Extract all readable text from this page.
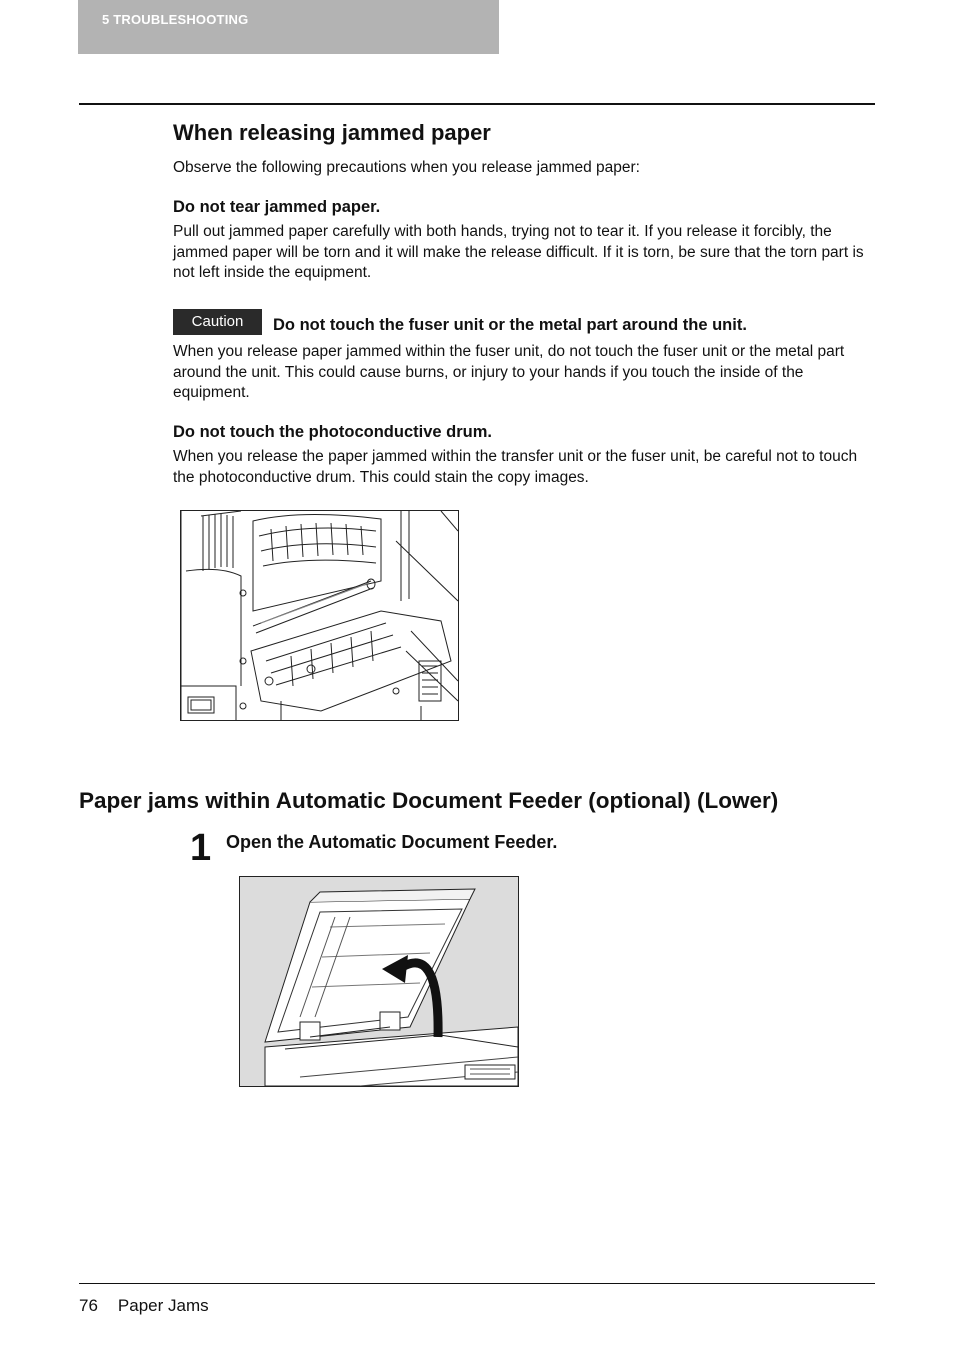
5 TROUBLESHOOTING
When releasing jammed paper

Observe the following precautions when you release jammed paper:

Do not tear jammed paper.

Pull out jammed paper carefully with both hands, trying not to tear it. If you release it forcibly, the jammed paper will be torn and it will make the release difficult. If it is torn, be sure that the torn part is not left inside the equipment.

Caution	Do not touch the fuser unit or the metal part around the unit.

When you release paper jammed within the fuser unit, do not touch the fuser unit or the metal part around the unit. This could cause burns, or injury to your hands if you touch the inside of the equipment.

Do not touch the photoconductive drum.

When you release the paper jammed within the transfer unit or the fuser unit, be careful not to touch the photoconductive drum. This could stain the copy images.

Paper jams within Automatic Document Feeder (optional) (Lower)
1 Open the Automatic Document Feeder.

76 Paper Jams
